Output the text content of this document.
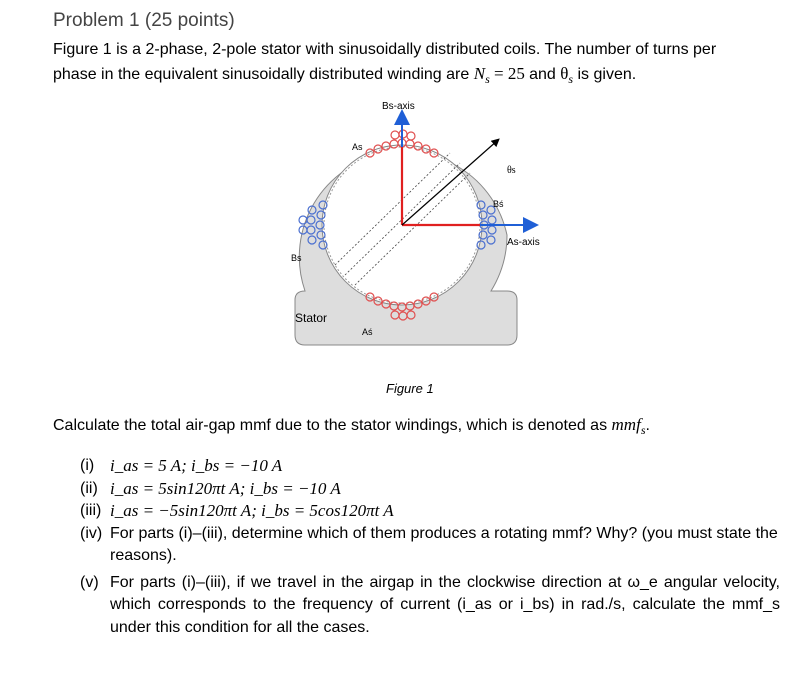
Problem 1 (25 points)
Figure 1 is a 2-phase, 2-pole stator with sinusoidally distributed coils. The number of turns per
phase in the equivalent sinusoidally distributed winding are $N_s = 25$ and $\theta_s$ is given.
Bs-axis
As-axis
As
Bś
Bs
Aś
θs
Stator
Figure 1
Calculate the total air-gap mmf due to the stator windings, which is denoted as mmf$_s$.
(i) i_as = 5 A; i_bs = −10 A
(ii) i_as = 5sin120πt A; i_bs = −10 A
(iii) i_as = −5sin120πt A; i_bs = 5cos120πt A
(iv) For parts (i)–(iii), determine which of them produces a rotating mmf? Why? (you must state the reasons).
(v) For parts (i)–(iii), if we travel in the airgap in the clockwise direction at ω_e angular velocity, which corresponds to the frequency of current (i_as or i_bs) in rad./s, calculate the mmf_s under this condition for all the cases.
